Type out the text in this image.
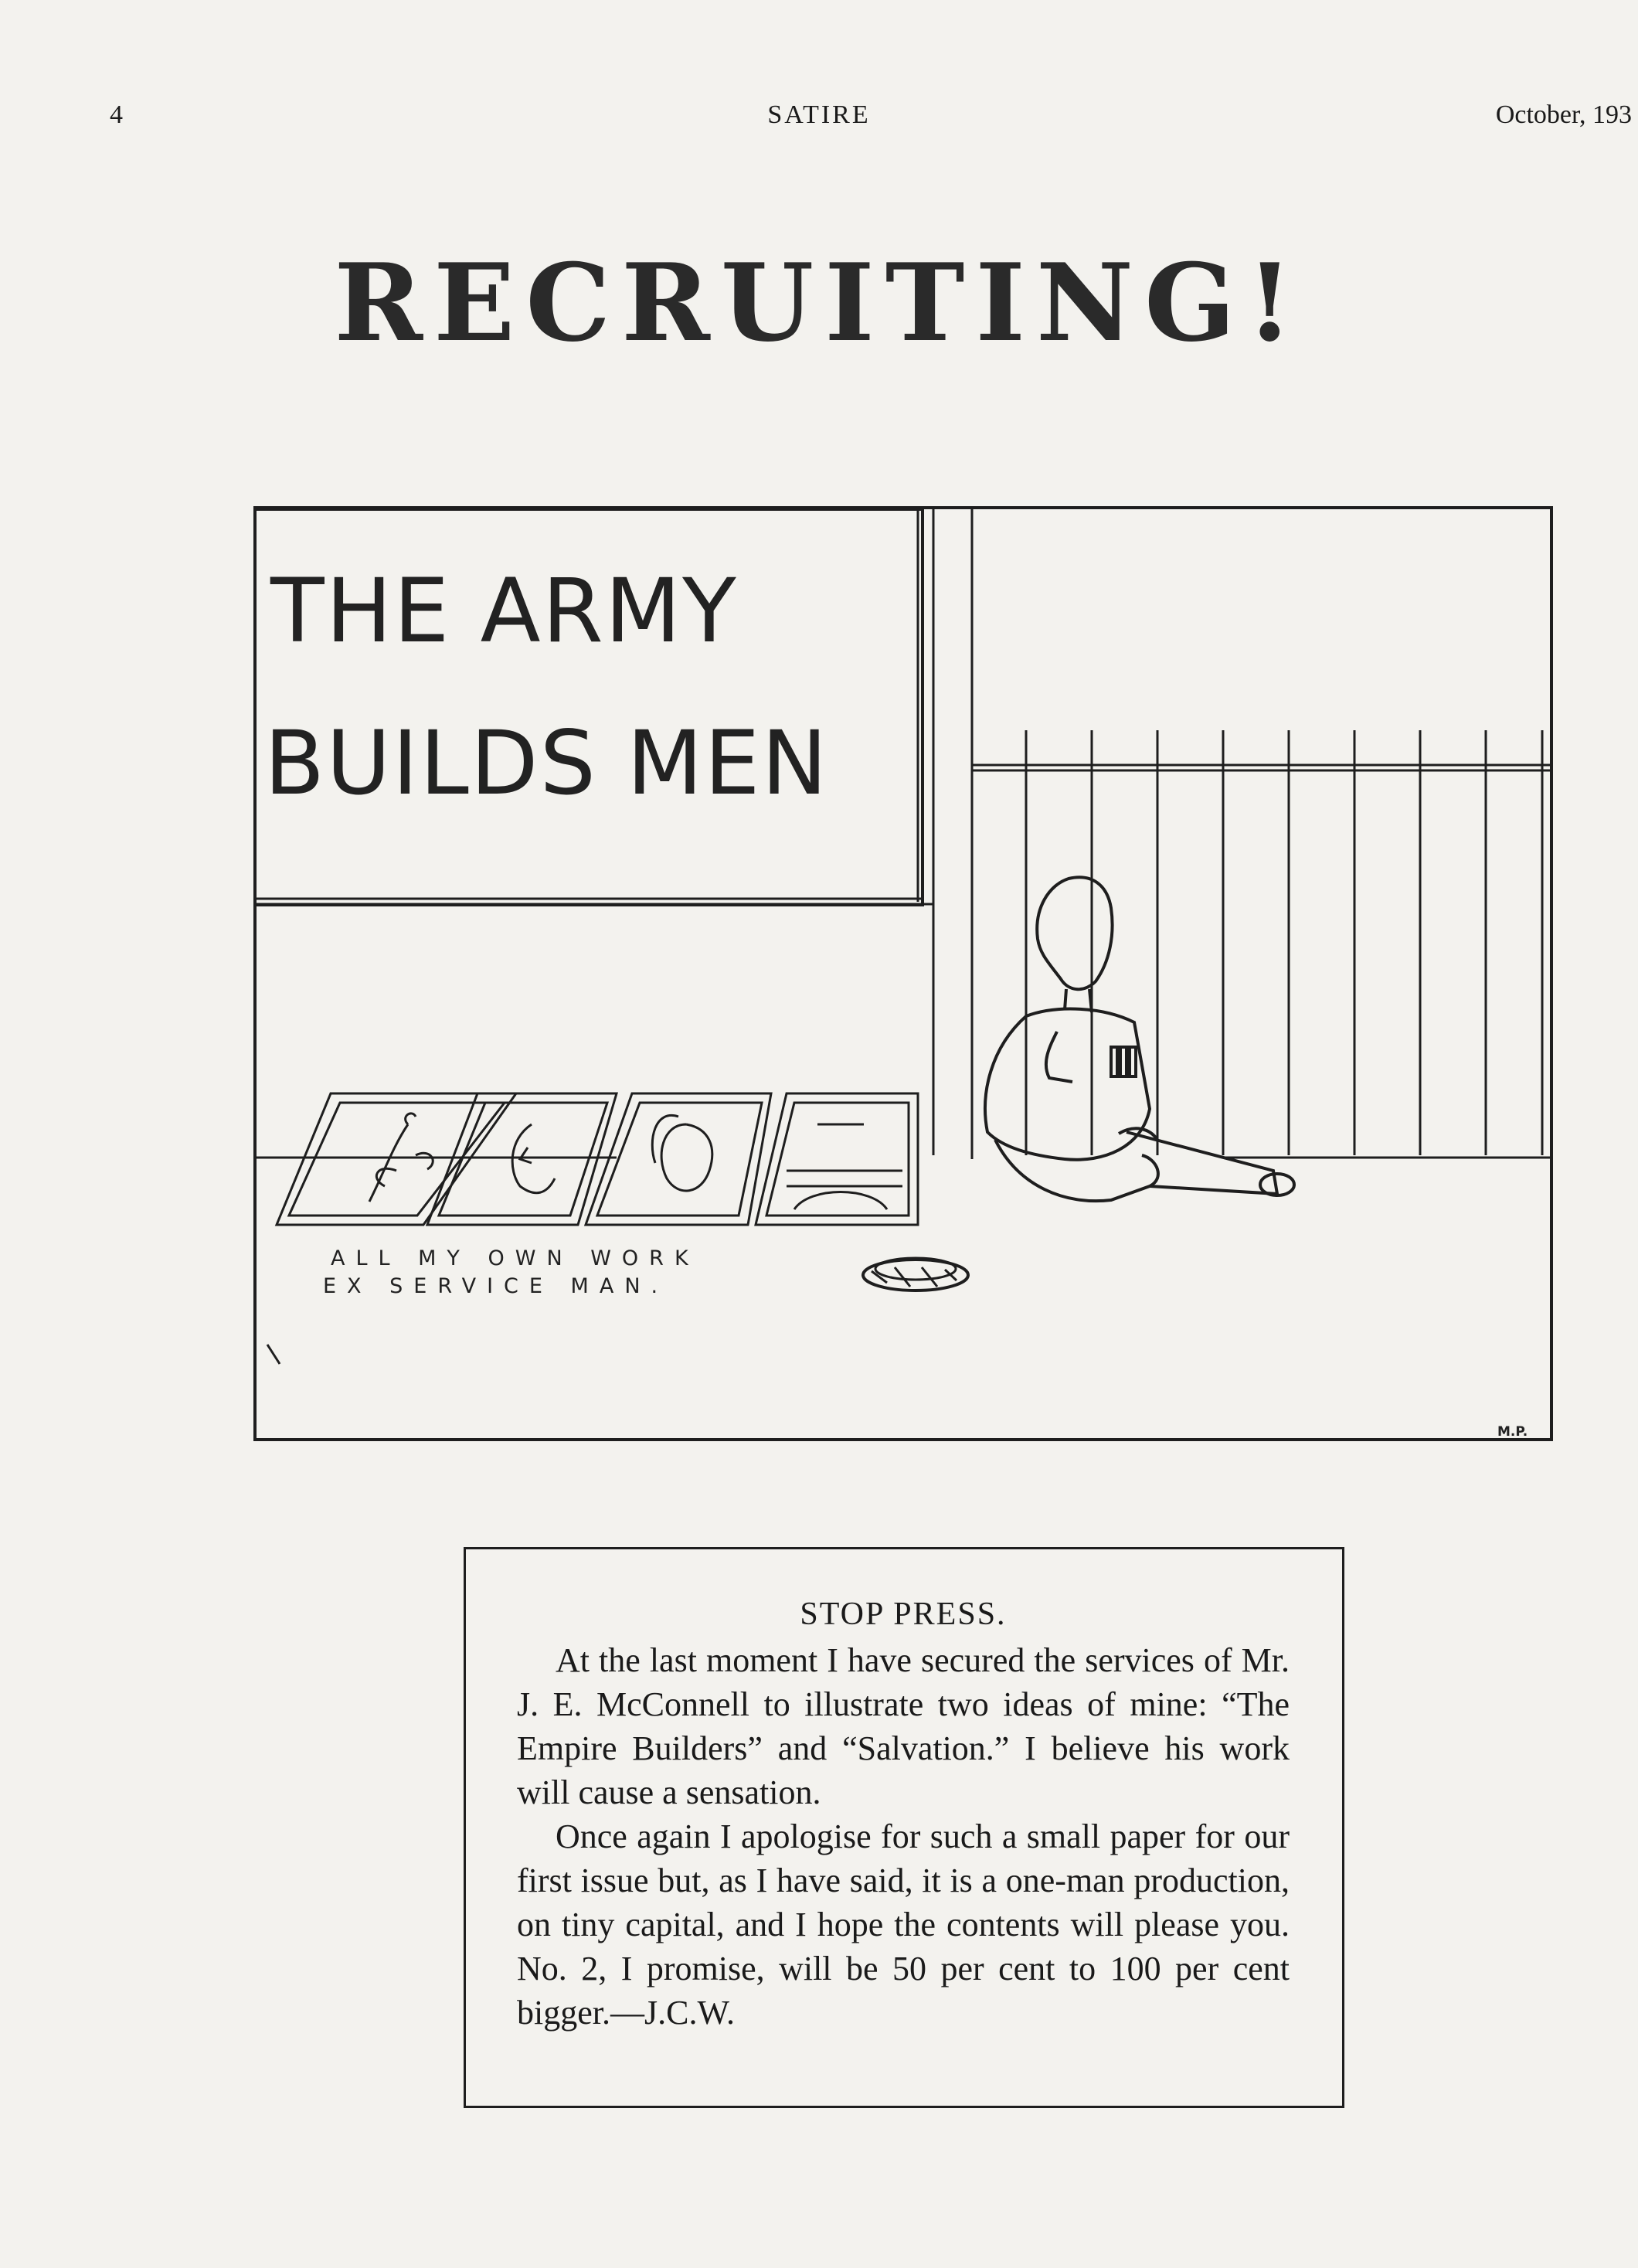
4	SATIRE	October, 193
RECRUITING!
THE ARMY
BUILDS MEN
ALL MY OWN WORK
EX SERVICE MAN.
M.P.
STOP PRESS.

At the last moment I have secured the services of Mr. J. E. McConnell to illustrate two ideas of mine: “The Empire Builders” and “Salvation.” I believe his work will cause a sensation.

Once again I apologise for such a small paper for our first issue but, as I have said, it is a one-man production, on tiny capital, and I hope the contents will please you. No. 2, I promise, will be 50 per cent to 100 per cent bigger.—J.C.W.
